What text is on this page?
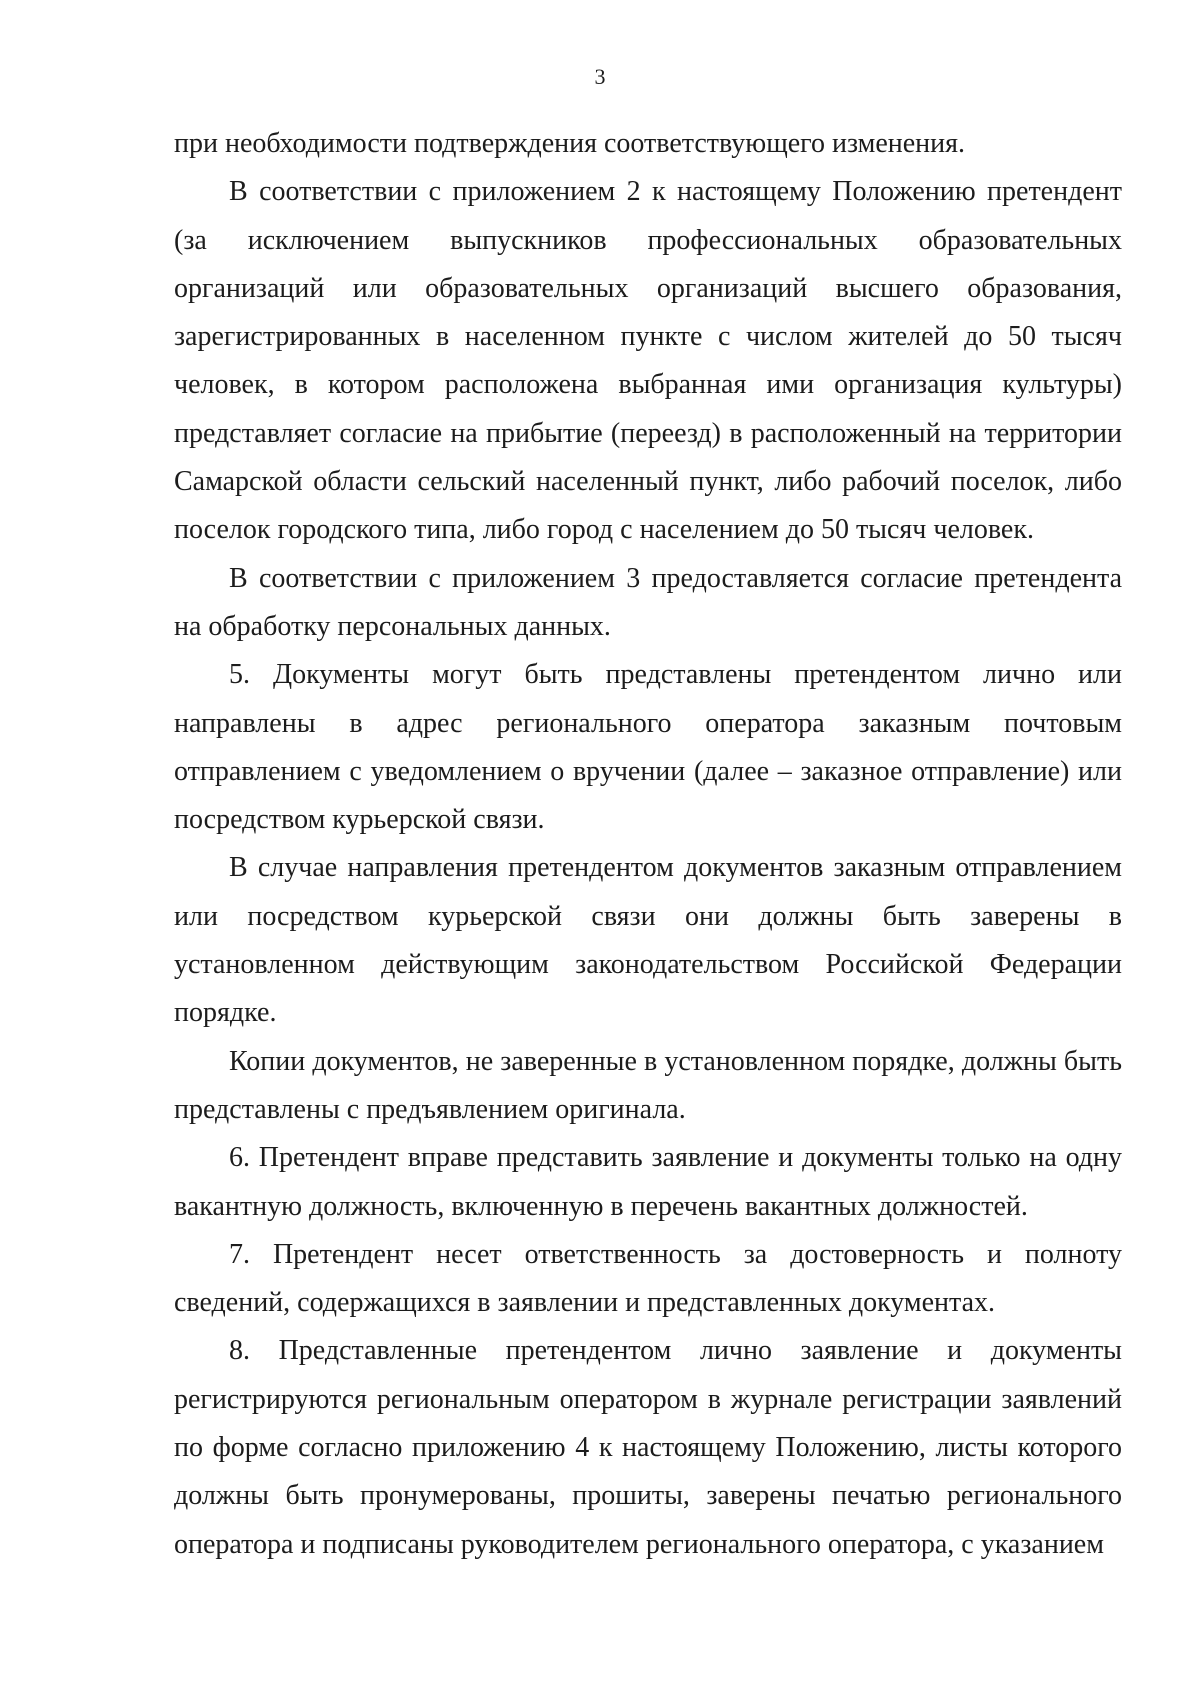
3

при необходимости подтверждения соответствующего изменения.

В соответствии с приложением 2 к настоящему Положению претендент (за исключением выпускников профессиональных образовательных организаций или образовательных организаций высшего образования, зарегистрированных в населенном пункте с числом жителей до 50 тысяч человек, в котором расположена выбранная ими организация культуры) представляет согласие на прибытие (переезд) в расположенный на территории Самарской области сельский населенный пункт, либо рабочий поселок, либо поселок городского типа, либо город с населением до 50 тысяч человек.

В соответствии с приложением 3 предоставляется согласие претендента на обработку персональных данных.

5. Документы могут быть представлены претендентом лично или направлены в адрес регионального оператора заказным почтовым отправлением с уведомлением о вручении (далее – заказное отправление) или посредством курьерской связи.

В случае направления претендентом документов заказным отправлением или посредством курьерской связи они должны быть заверены в установленном действующим законодательством Российской Федерации порядке.

Копии документов, не заверенные в установленном порядке, должны быть представлены с предъявлением оригинала.

6. Претендент вправе представить заявление и документы только на одну вакантную должность, включенную в перечень вакантных должностей.

7. Претендент несет ответственность за достоверность и полноту сведений, содержащихся в заявлении и представленных документах.

8. Представленные претендентом лично заявление и документы регистрируются региональным оператором в журнале регистрации заявлений по форме согласно приложению 4 к настоящему Положению, листы которого должны быть пронумерованы, прошиты, заверены печатью регионального оператора и подписаны руководителем регионального оператора, с указанием
